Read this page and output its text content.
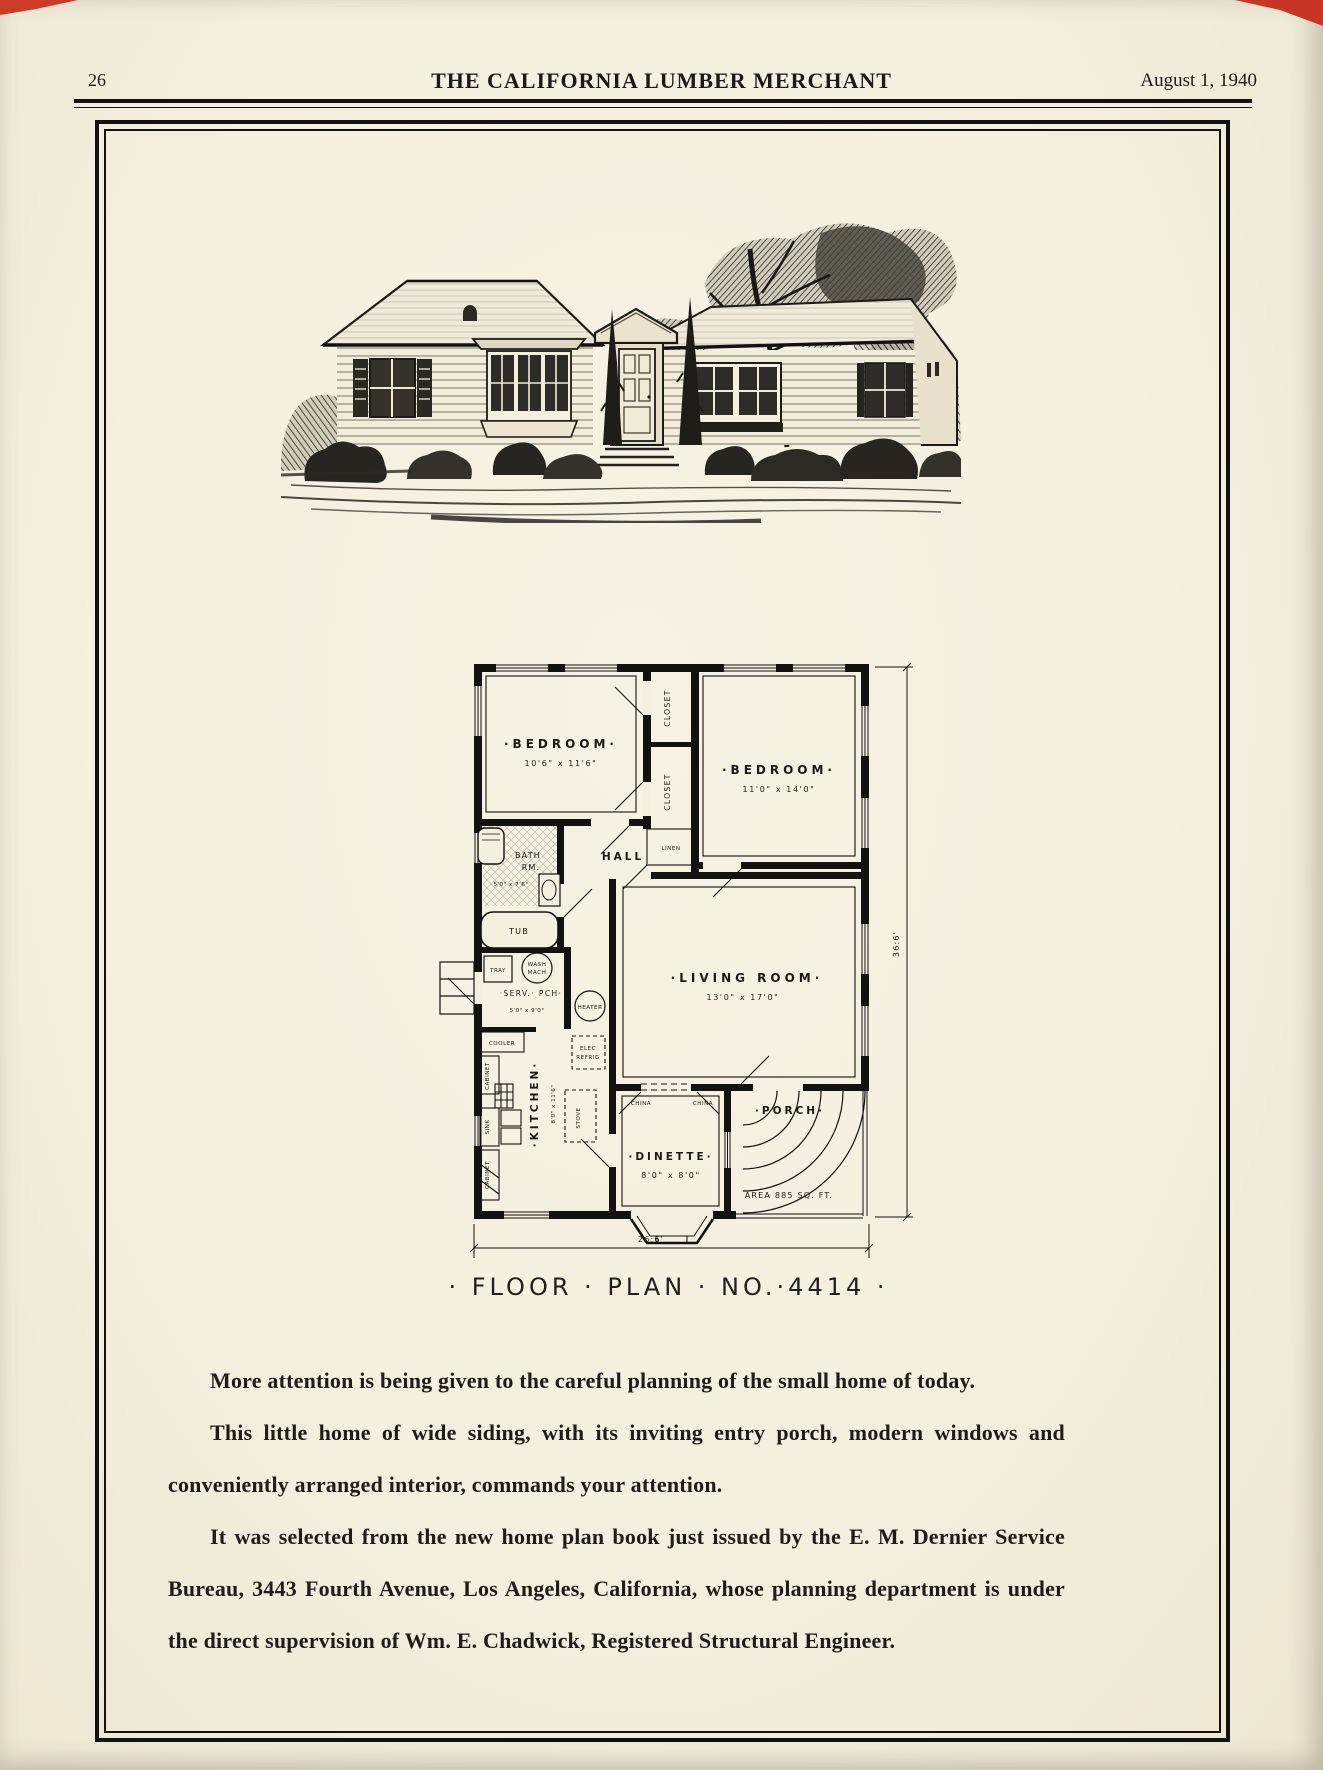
26	THE CALIFORNIA LUMBER MERCHANT	August 1, 1940
·BEDROOM·
10'6" x 11'6"	·BEDROOM·
11'0" x 14'0"
·LIVING ROOM·
13'0" x 17'0"
·DINETTE·
8'0" x 8'0"
HALL
·PORCH·
·SERV.· PCH·
5'0" x 9'0"
BATH
RM.
5'0" x 7'6"
·KITCHEN· 8'0" x 11'6"
CLOSET
CLOSET
LINEN
TUB
TRAY
WASH
MACH
HEATER
COOLER
CABINET
SINK
CABINET
ELEC
REFRIG
STOVE
CHINA	CHINA
AREA 885 SQ. FT.
26:6'
36:6'
· FLOOR · PLAN · NO.·4414 ·

More attention is being given to the careful planning of the small home of today.

This little home of wide siding, with its inviting entry porch, modern windows and conveniently arranged interior, commands your attention.

It was selected from the new home plan book just issued by the E. M. Dernier Service Bureau, 3443 Fourth Avenue, Los Angeles, California, whose planning department is under the direct supervision of Wm. E. Chadwick, Registered Structural Engineer.
